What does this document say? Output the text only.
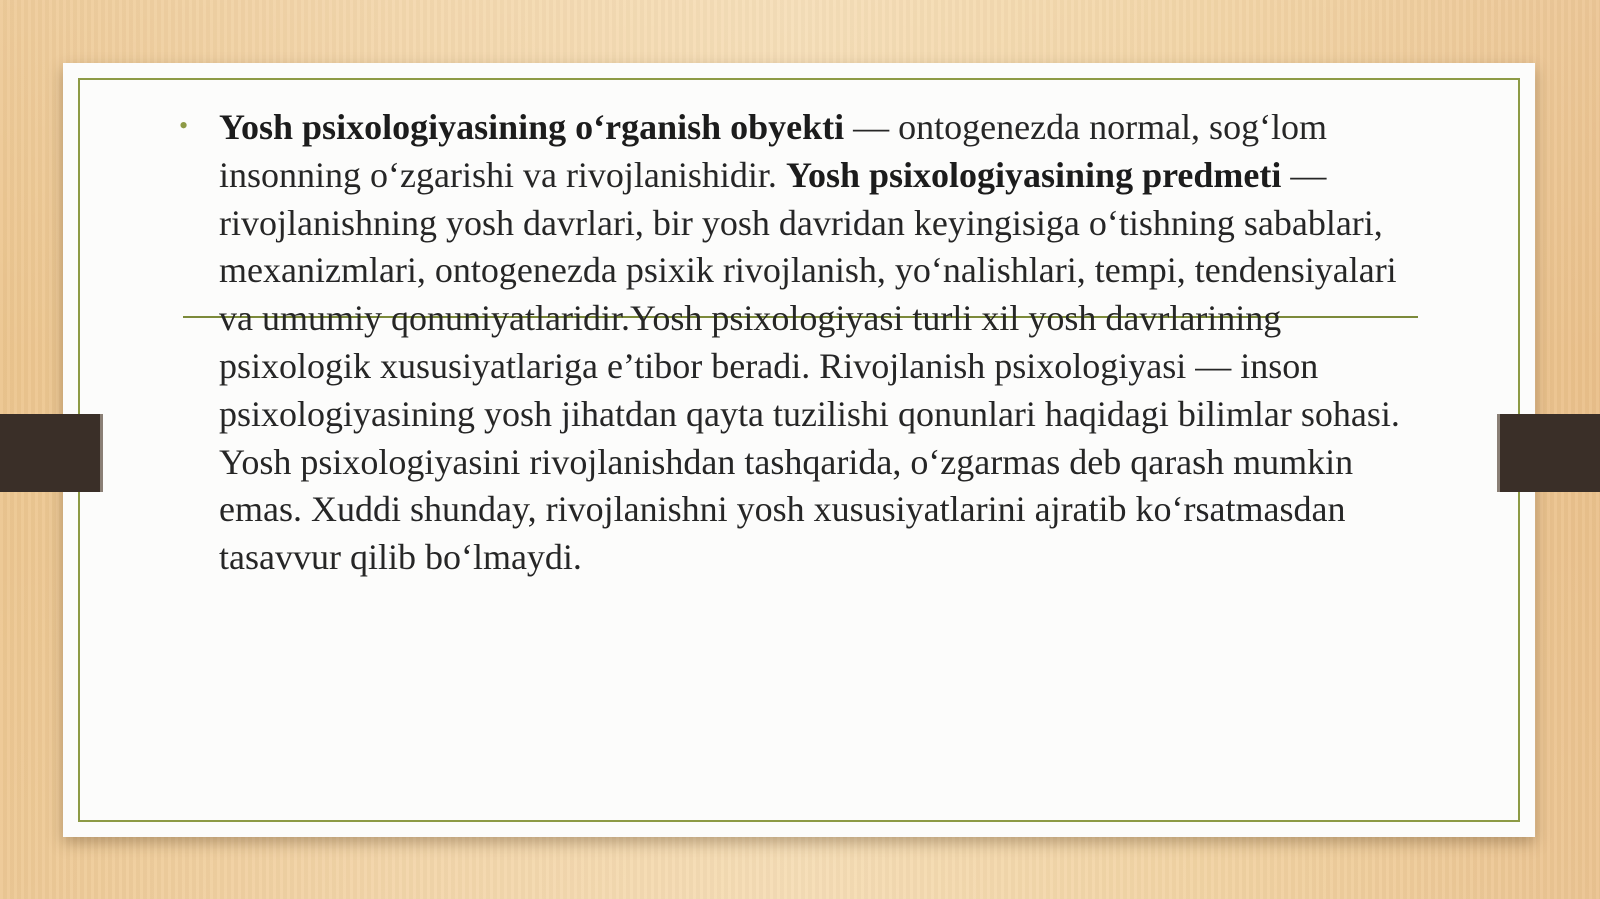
• Yosh psixologiyasining o‘rganish obyekti — ontogenezda normal, sog‘lom insonning o‘zgarishi va rivojlanishidir. Yosh psixologiyasining predmeti — rivojlanishning yosh davrlari, bir yosh davridan keyingisiga o‘tishning sabablari, mexanizmlari, ontogenezda psixik rivojlanish, yo‘nalishlari, tempi, tendensiyalari va umumiy qonuniyatlaridir.Yosh psixologiyasi turli xil yosh davrlarining psixologik xususiyatlariga e’tibor beradi. Rivojlanish psixologiyasi — inson psixologiyasining yosh jihatdan qayta tuzilishi qonunlari haqidagi bilimlar sohasi. Yosh psixologiyasini rivojlanishdan tashqarida, o‘zgarmas deb qarash mumkin emas. Xuddi shunday, rivojlanishni yosh xususiyatlarini ajratib ko‘rsatmasdan tasavvur qilib bo‘lmaydi.
